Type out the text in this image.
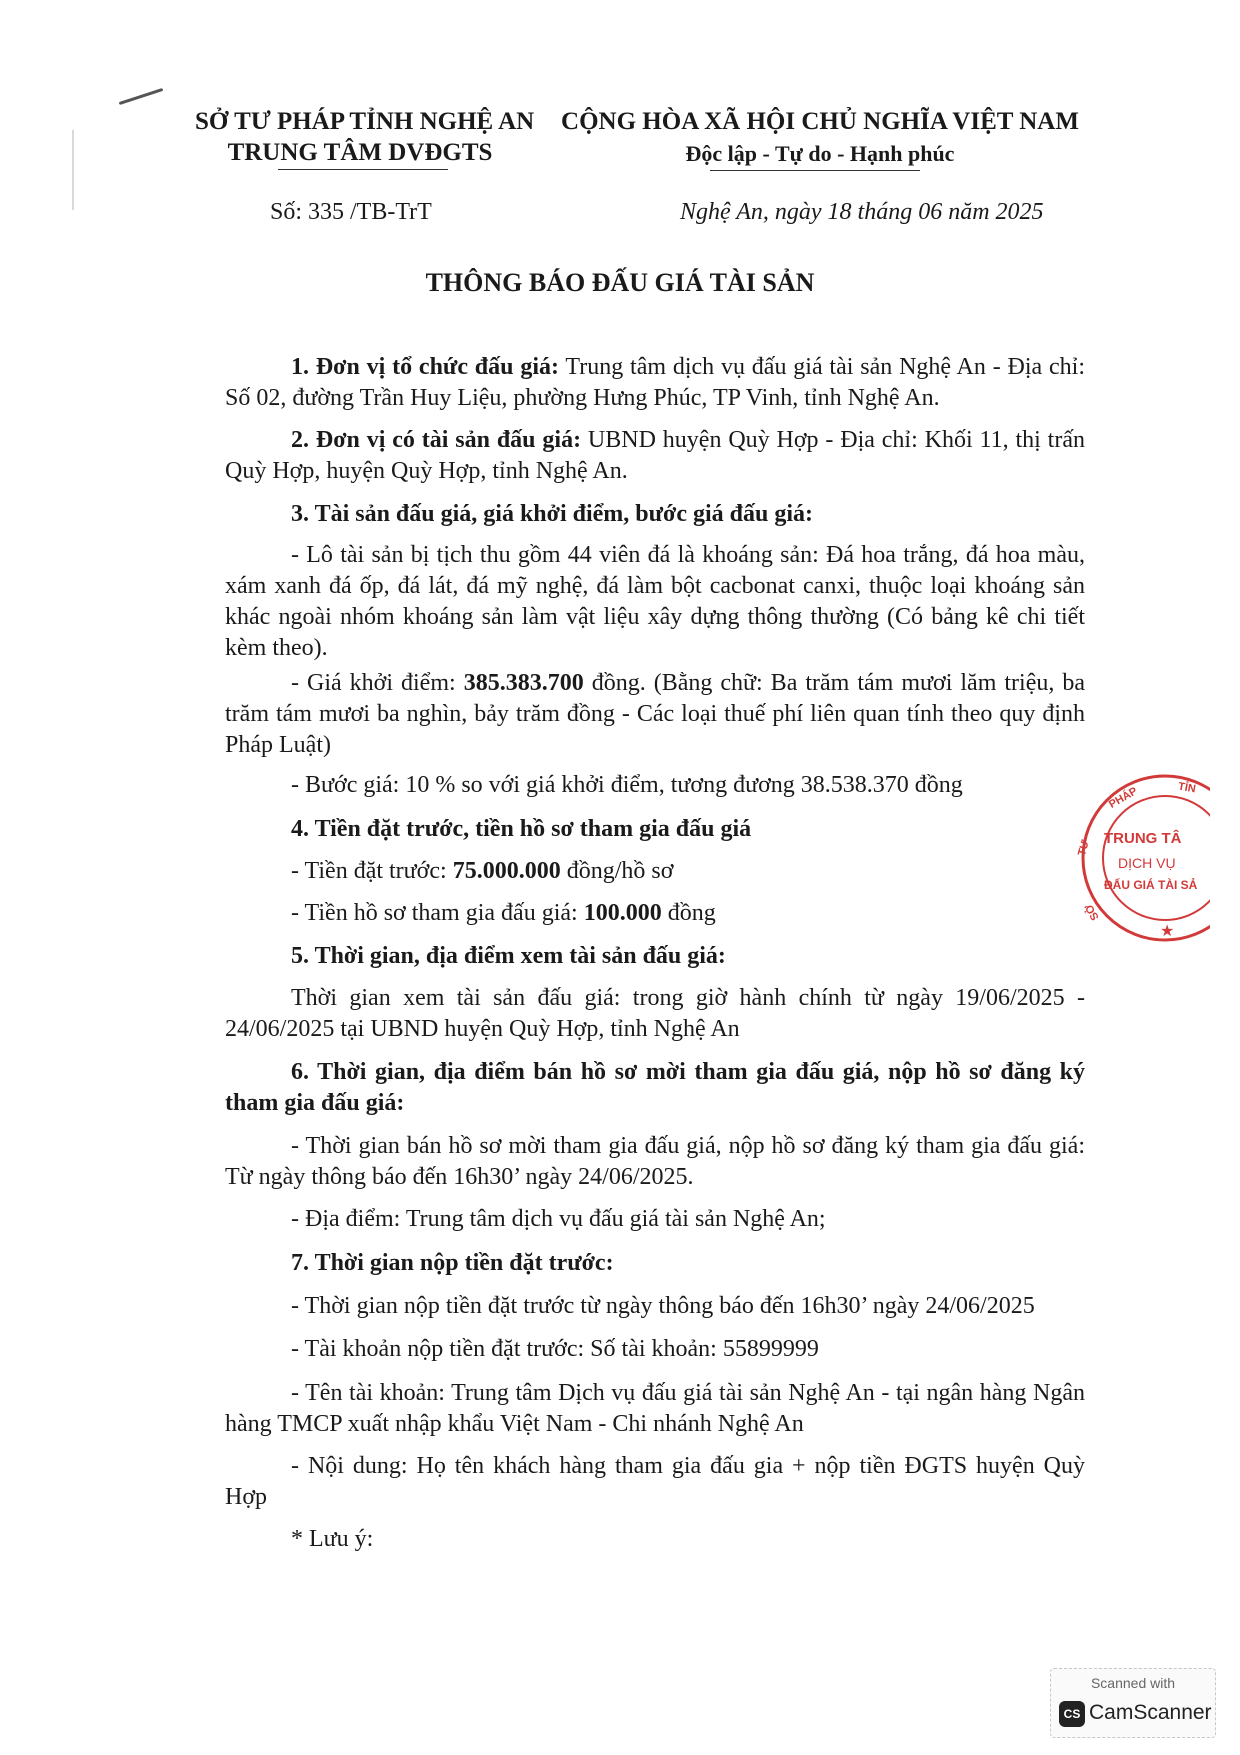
SỞ TƯ PHÁP TỈNH NGHỆ AN
TRUNG TÂM DVĐGTS
CỘNG HÒA XÃ HỘI CHỦ NGHĨA VIỆT NAM
Độc lập - Tự do - Hạnh phúc
Số: 335 /TB-TrT	Nghệ An, ngày 18 tháng 06 năm 2025
THÔNG BÁO ĐẤU GIÁ TÀI SẢN
1. Đơn vị tổ chức đấu giá: Trung tâm dịch vụ đấu giá tài sản Nghệ An - Địa chỉ: Số 02, đường Trần Huy Liệu, phường Hưng Phúc, TP Vinh, tỉnh Nghệ An.
2. Đơn vị có tài sản đấu giá: UBND huyện Quỳ Hợp - Địa chỉ: Khối 11, thị trấn Quỳ Hợp, huyện Quỳ Hợp, tỉnh Nghệ An.
3. Tài sản đấu giá, giá khởi điểm, bước giá đấu giá:
- Lô tài sản bị tịch thu gồm 44 viên đá là khoáng sản: Đá hoa trắng, đá hoa màu, xám xanh đá ốp, đá lát, đá mỹ nghệ, đá làm bột cacbonat canxi, thuộc loại khoáng sản khác ngoài nhóm khoáng sản làm vật liệu xây dựng thông thường (Có bảng kê chi tiết kèm theo).
- Giá khởi điểm: 385.383.700 đồng. (Bằng chữ: Ba trăm tám mươi lăm triệu, ba trăm tám mươi ba nghìn, bảy trăm đồng - Các loại thuế phí liên quan tính theo quy định Pháp Luật)
- Bước giá: 10 % so với giá khởi điểm, tương đương 38.538.370 đồng
4. Tiền đặt trước, tiền hồ sơ tham gia đấu giá
- Tiền đặt trước: 75.000.000 đồng/hồ sơ
- Tiền hồ sơ tham gia đấu giá: 100.000 đồng
5. Thời gian, địa điểm xem tài sản đấu giá:
Thời gian xem tài sản đấu giá: trong giờ hành chính từ ngày 19/06/2025 - 24/06/2025 tại UBND huyện Quỳ Hợp, tỉnh Nghệ An
6. Thời gian, địa điểm bán hồ sơ mời tham gia đấu giá, nộp hồ sơ đăng ký tham gia đấu giá:
- Thời gian bán hồ sơ mời tham gia đấu giá, nộp hồ sơ đăng ký tham gia đấu giá: Từ ngày thông báo đến 16h30’ ngày 24/06/2025.
- Địa điểm: Trung tâm dịch vụ đấu giá tài sản Nghệ An;
7. Thời gian nộp tiền đặt trước:
- Thời gian nộp tiền đặt trước từ ngày thông báo đến 16h30’ ngày 24/06/2025
- Tài khoản nộp tiền đặt trước: Số tài khoản: 55899999
- Tên tài khoản: Trung tâm Dịch vụ đấu giá tài sản Nghệ An - tại ngân hàng Ngân hàng TMCP xuất nhập khẩu Việt Nam - Chi nhánh Nghệ An
- Nội dung: Họ tên khách hàng tham gia đấu gia + nộp tiền ĐGTS huyện Quỳ Hợp
* Lưu ý:
★
TRUNG TÂ
DỊCH VỤ
ĐẤU GIÁ TÀI SẢ
TƯ
PHÁP	TỈN
SỞ
Scanned with
CS CamScanner
